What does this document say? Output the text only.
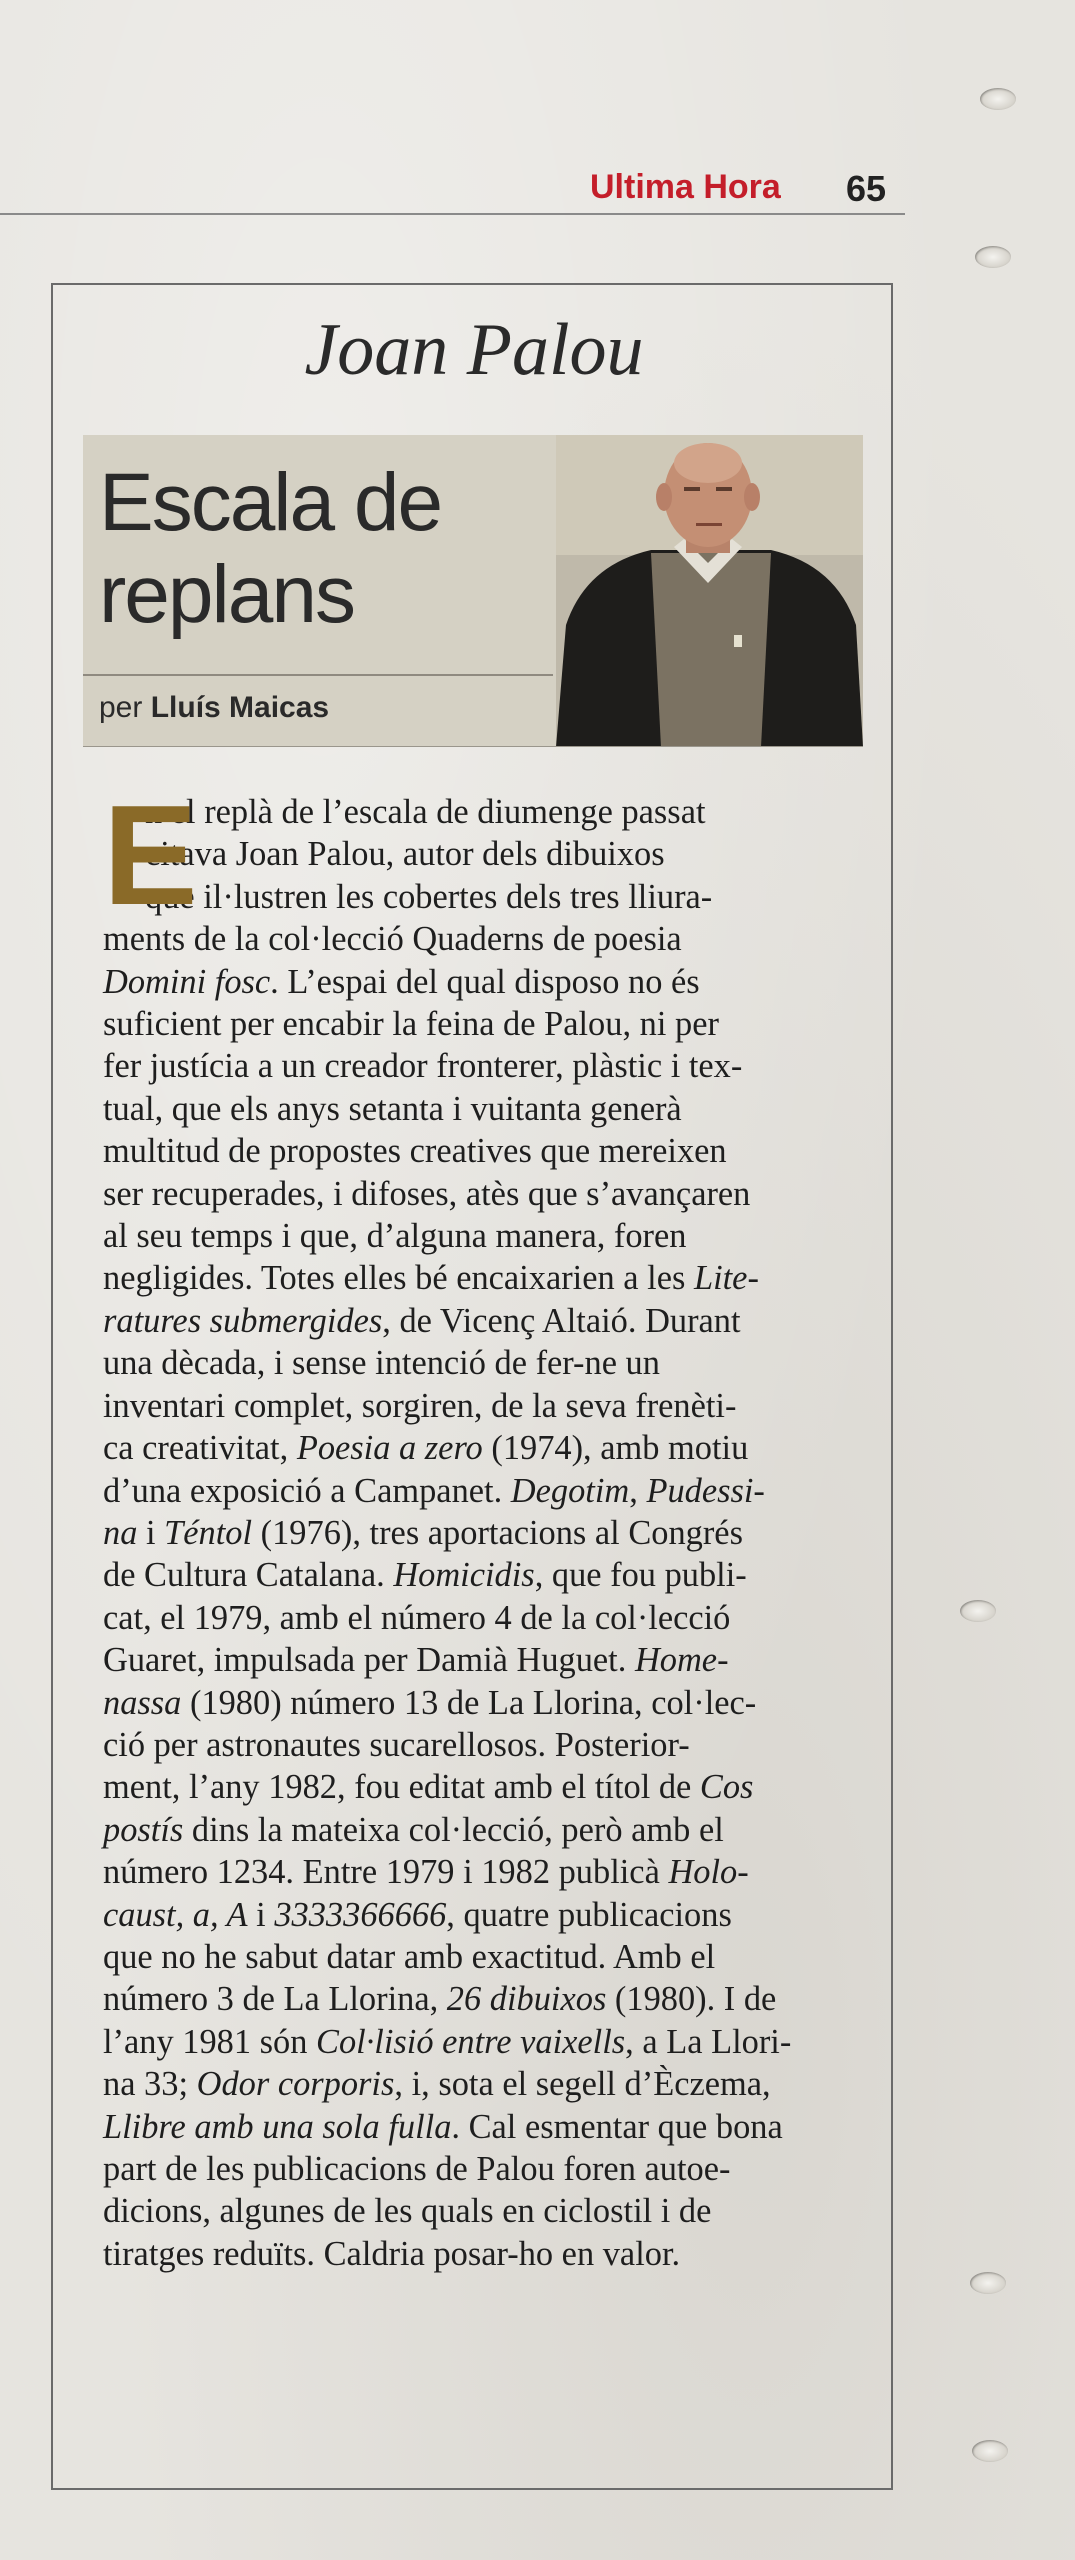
Ultima Hora 65
Joan Palou
Escala de
replans
per Lluís Maicas
E
n el replà de l’escala de diumenge passat
citava Joan Palou, autor dels dibuixos
que il·lustren les cobertes dels tres lliura-
ments de la col·lecció Quaderns de poesia
Domini fosc. L’espai del qual disposo no és
suficient per encabir la feina de Palou, ni per
fer justícia a un creador fronterer, plàstic i tex-
tual, que els anys setanta i vuitanta generà
multitud de propostes creatives que mereixen
ser recuperades, i difoses, atès que s’avançaren
al seu temps i que, d’alguna manera, foren
negligides. Totes elles bé encaixarien a les Lite-
ratures submergides, de Vicenç Altaió. Durant
una dècada, i sense intenció de fer-ne un
inventari complet, sorgiren, de la seva frenèti-
ca creativitat, Poesia a zero (1974), amb motiu
d’una exposició a Campanet. Degotim, Pudessi-
na i Téntol (1976), tres aportacions al Congrés
de Cultura Catalana. Homicidis, que fou publi-
cat, el 1979, amb el número 4 de la col·lecció
Guaret, impulsada per Damià Huguet. Home-
nassa (1980) número 13 de La Llorina, col·lec-
ció per astronautes sucarellosos. Posterior-
ment, l’any 1982, fou editat amb el títol de Cos
postís dins la mateixa col·lecció, però amb el
número 1234. Entre 1979 i 1982 publicà Holo-
caust, a, A i 3333366666, quatre publicacions
que no he sabut datar amb exactitud. Amb el
número 3 de La Llorina, 26 dibuixos (1980). I de
l’any 1981 són Col·lisió entre vaixells, a La Llori-
na 33; Odor corporis, i, sota el segell d’Èczema,
Llibre amb una sola fulla. Cal esmentar que bona
part de les publicacions de Palou foren autoe-
dicions, algunes de les quals en ciclostil i de
tiratges reduïts. Caldria posar-ho en valor.
